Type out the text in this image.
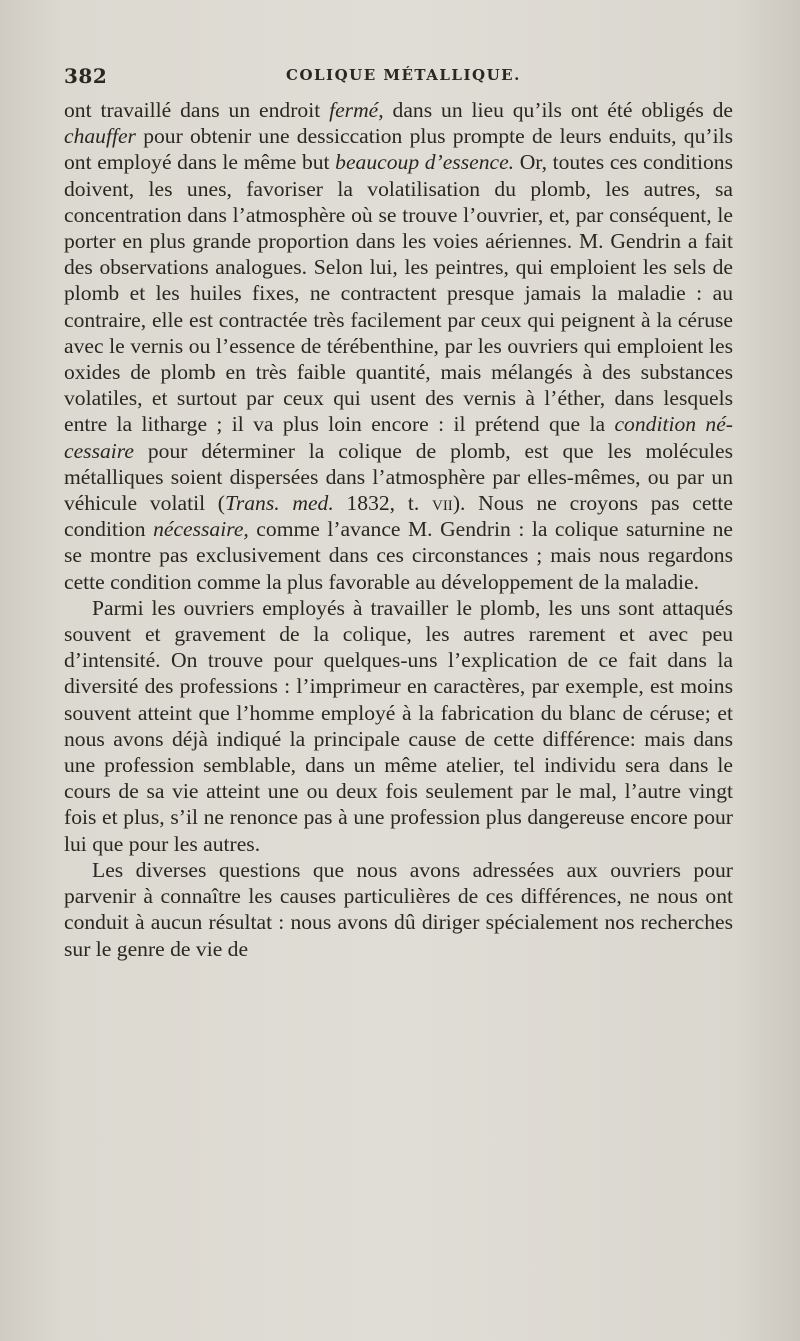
382	COLIQUE MÉTALLIQUE.

ont travaillé dans un endroit fermé, dans un lieu qu’ils ont été obligés de chauffer pour obtenir une dessiccation plus prompte de leurs enduits, qu’ils ont employé dans le même but beaucoup d’essence. Or, toutes ces conditions doivent, les unes, favoriser la volatilisation du plomb, les autres, sa concentration dans l’atmosphère où se trouve l’ouvrier, et, par conséquent, le porter en plus grande proportion dans les voies aériennes. M. Gendrin a fait des observations analogues. Selon lui, les peintres, qui emploient les sels de plomb et les huiles fixes, ne contractent presque jamais la maladie : au contraire, elle est contractée très facilement par ceux qui peignent à la céruse avec le vernis ou l’essence de térébenthine, par les ouvriers qui emploient les oxides de plomb en très faible quantité, mais mélangés à des substances volatiles, et surtout par ceux qui usent des vernis à l’éther, dans lesquels entre la litharge ; il va plus loin encore : il prétend que la condition nécessaire pour déterminer la colique de plomb, est que les molécules métalliques soient dispersées dans l’atmosphère par elles-mêmes, ou par un véhicule volatil (Trans. med. 1832, t. vii). Nous ne croyons pas cette condition nécessaire, comme l’avance M. Gendrin : la colique saturnine ne se montre pas exclusivement dans ces circonstances ; mais nous regardons cette condition comme la plus favorable au développement de la maladie.

Parmi les ouvriers employés à travailler le plomb, les uns sont attaqués souvent et gravement de la colique, les autres rarement et avec peu d’intensité. On trouve pour quelques-uns l’explication de ce fait dans la diversité des professions : l’imprimeur en caractères, par exemple, est moins souvent atteint que l’homme employé à la fabrication du blanc de céruse; et nous avons déjà indiqué la principale cause de cette différence: mais dans une profession semblable, dans un même atelier, tel individu sera dans le cours de sa vie atteint une ou deux fois seulement par le mal, l’autre vingt fois et plus, s’il ne renonce pas à une profession plus dangereuse encore pour lui que pour les autres.

Les diverses questions que nous avons adressées aux ouvriers pour parvenir à connaître les causes particulières de ces différences, ne nous ont conduit à aucun résultat : nous avons dû diriger spécialement nos recherches sur le genre de vie de
